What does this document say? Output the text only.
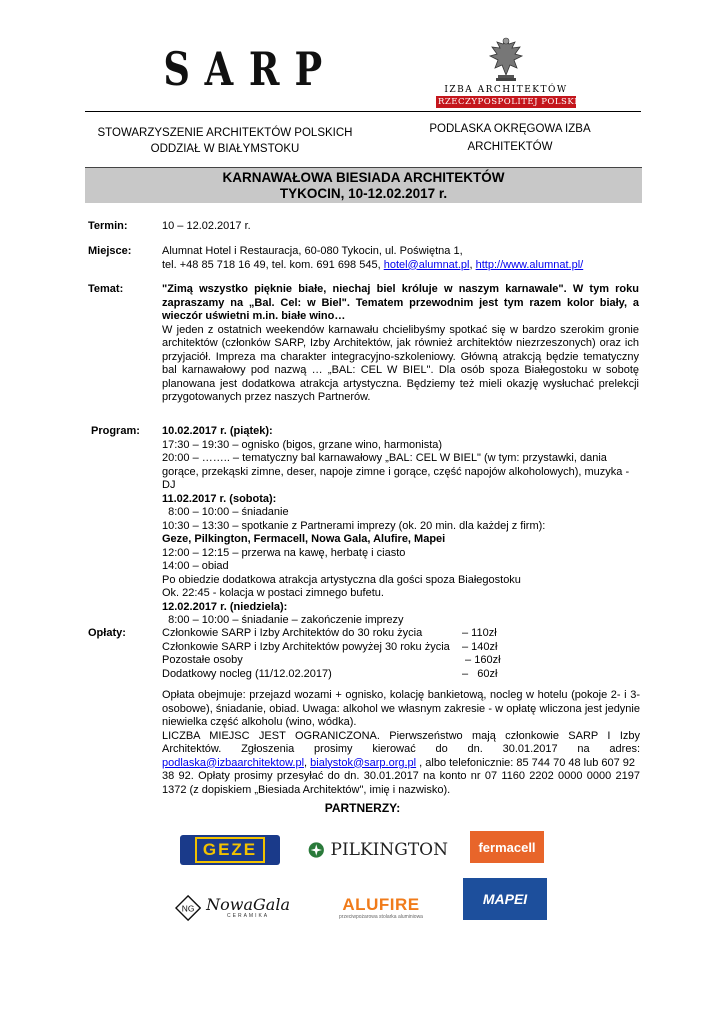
S A R P	IZBA ARCHITEKTÓW
RZECZYPOSPOLITEJ POLSKIEJ
STOWARZYSZENIE ARCHITEKTÓW POLSKICH
ODDZIAŁ W BIAŁYMSTOKU
PODLASKA OKRĘGOWA IZBA
ARCHITEKTÓW
KARNAWAŁOWA BIESIADA ARCHITEKTÓW
TYKOCIN, 10-12.02.2017 r.
Termin:	10 – 12.02.2017 r.
Miejsce:	Alumnat Hotel i Restauracja, 60-080 Tykocin, ul. Poświętna 1,
tel. +48 85 718 16 49, tel. kom. 691 698 545, hotel@alumnat.pl, http://www.alumnat.pl/
Temat:	"Zimą wszystko pięknie białe, niechaj biel króluje w naszym karnawale". W tym roku
zapraszamy na „Bal. Cel: w Biel". Tematem przewodnim jest tym razem kolor biały, a
wieczór uświetni m.in. białe wino…
W jeden z ostatnich weekendów karnawału chcielibyśmy spotkać się w bardzo szerokim gronie
architektów (członków SARP, Izby Architektów, jak również architektów niezrzeszonych) oraz ich
przyjaciół. Impreza ma charakter integracyjno-szkoleniowy. Główną atrakcją będzie tematyczny
bal karnawałowy pod nazwą … „BAL: CEL W BIEL". Dla osób spoza Białegostoku w sobotę
planowana jest dodatkowa atrakcja artystyczna. Będziemy też mieli okazję wysłuchać prelekcji
przygotowanych przez naszych Partnerów.
Program: 10.02.2017 r. (piątek):
17:30 – 19:30 – ognisko (bigos, grzane wino, harmonista)
20:00 – …….. – tematyczny bal karnawałowy „BAL: CEL W BIEL" (w tym: przystawki, dania
gorące, przekąski zimne, deser, napoje zimne i gorące, część napojów alkoholowych), muzyka -
DJ
11.02.2017 r. (sobota):
8:00 – 10:00 – śniadanie
10:30 – 13:30 – spotkanie z Partnerami imprezy (ok. 20 min. dla każdej z firm):
Geze, Pilkington, Fermacell, Nowa Gala, Alufire, Mapei
12:00 – 12:15 – przerwa na kawę, herbatę i ciasto
14:00 – obiad
Po obiedzie dodatkowa atrakcja artystyczna dla gości spoza Białegostoku
Ok. 22:45 - kolacja w postaci zimnego bufetu.
12.02.2017 r. (niedziela):
8:00 – 10:00 – śniadanie – zakończenie imprezy
Opłaty:	Członkowie SARP i Izby Architektów do 30 roku życia	– 110zł
Członkowie SARP i Izby Architektów powyżej 30 roku życia	– 140zł
Pozostałe osoby	– 160zł
Dodatkowy nocleg (11/12.02.2017)	–   60zł
Opłata obejmuje: przejazd wozami + ognisko, kolację bankietową, nocleg w hotelu (pokoje 2- i 3-
osobowe), śniadanie, obiad. Uwaga: alkohol we własnym zakresie - w opłatę wliczona jest jedynie
niewielka część alkoholu (wino, wódka).
LICZBA MIEJSC JEST OGRANICZONA. Pierwszeństwo mają członkowie SARP I Izby
Architektów. Zgłoszenia prosimy kierować do dn. 30.01.2017 na adres:
podlaska@izbaarchitektow.pl, bialystok@sarp.org.pl , albo telefonicznie: 85 744 70 48 lub 607 92
38 92. Opłaty prosimy przesyłać do dn. 30.01.2017 na konto nr 07 1160 2202 0000 0000 2197
1372 (z dopiskiem „Biesiada Architektów", imię i nazwisko).
PARTNERZY:
GEZE	PILKINGTON fermacell
NG NowaGala
CERAMIKA
ALUFIRE
przeciwpożarowa stolarka aluminiowa
MAPEI
